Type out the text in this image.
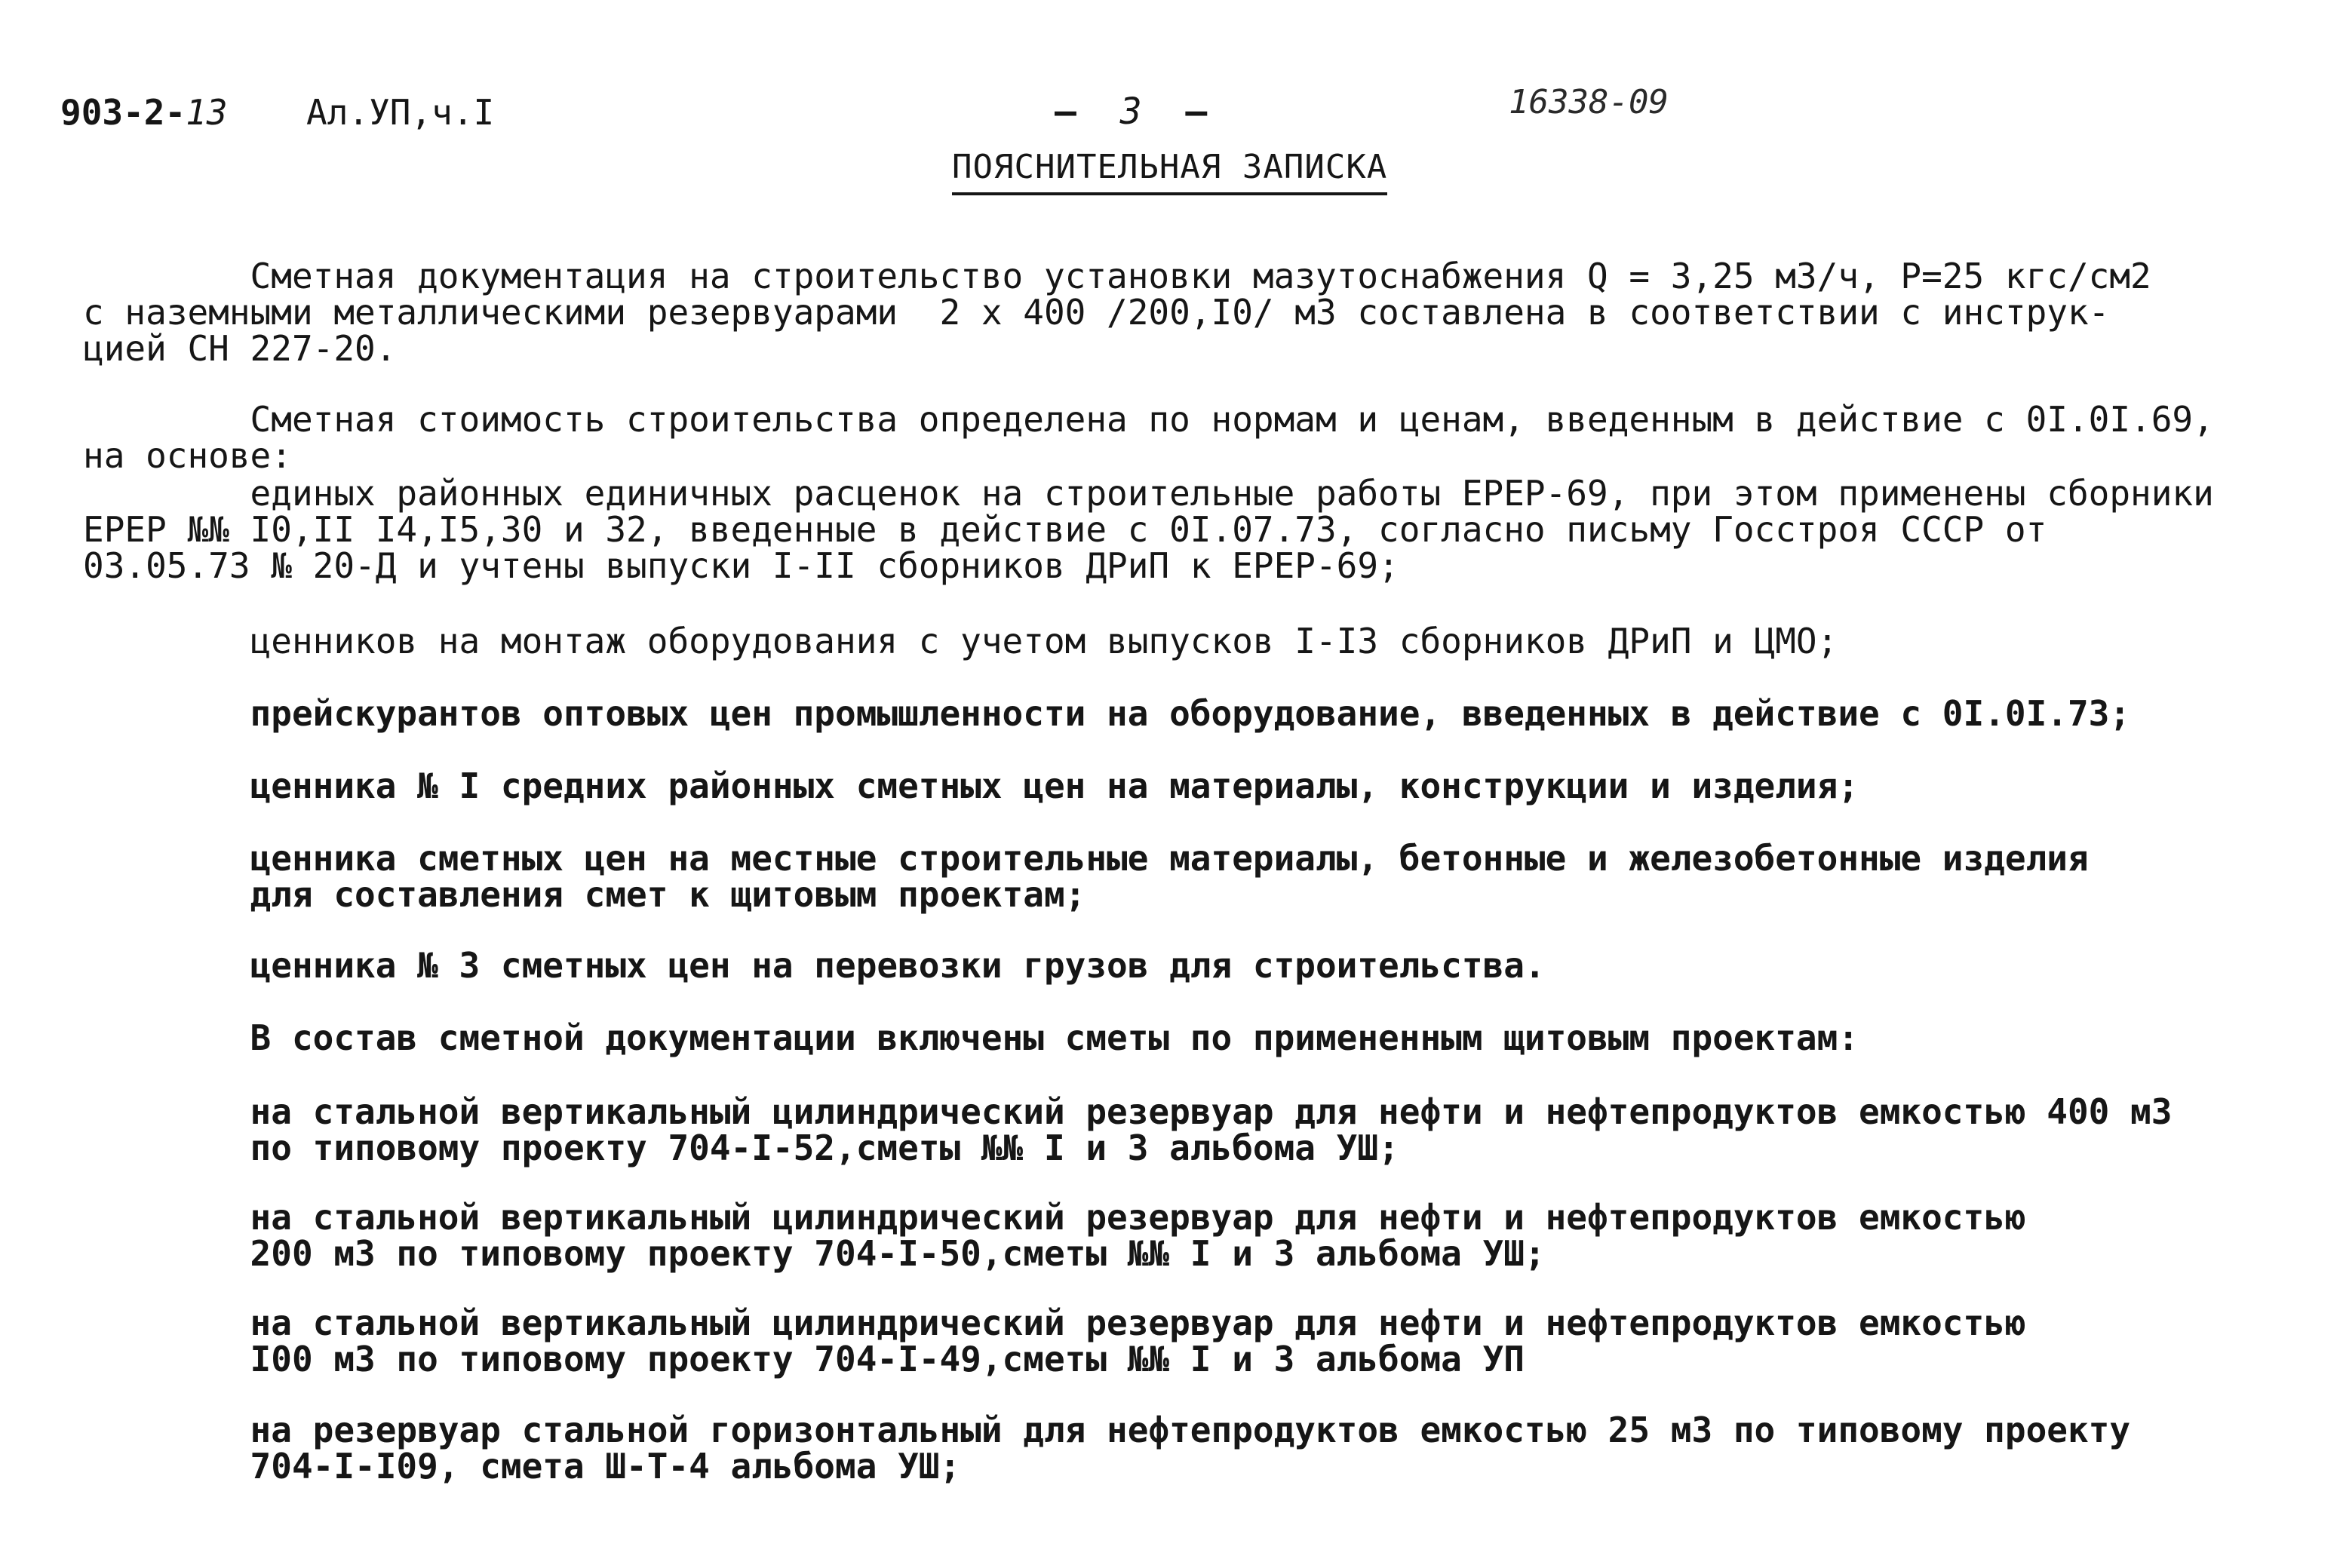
903-2-13 Ал.УП,ч.I	–  3  –	16338-09
ПОЯСНИТЕЛЬНАЯ ЗАПИСКА

Сметная документация на строительство установки мазутоснабжения Q = 3,25 м3/ч, P=25 кгс/см2
с наземными металлическими резервуарами  2 х 400 /200,I0/ м3 составлена в соответствии с инструк-
цией СН 227-20.

Сметная стоимость строительства определена по нормам и ценам, введенным в действие с 0I.0I.69,
на основе:

единых районных единичных расценок на строительные работы ЕРЕР-69, при этом применены сборники
ЕРЕР №№ I0,II I4,I5,30 и 32, введенные в действие с 0I.07.73, согласно письму Госстроя СССР от
03.05.73 № 20-Д и учтены выпуски I-II сборников ДРиП к ЕРЕР-69;

ценников на монтаж оборудования с учетом выпусков I-I3 сборников ДРиП и ЦМО;

прейскурантов оптовых цен промышленности на оборудование, введенных в действие с 0I.0I.73;

ценника № I средних районных сметных цен на материалы, конструкции и изделия;

ценника сметных цен на местные строительные материалы, бетонные и железобетонные изделия
для составления смет к щитовым проектам;

ценника № 3 сметных цен на перевозки грузов для строительства.

В состав сметной документации включены сметы по примененным щитовым проектам:

на стальной вертикальный цилиндрический резервуар для нефти и нефтепродуктов емкостью 400 м3
по типовому проекту 704-I-52,сметы №№ I и 3 альбома УШ;

на стальной вертикальный цилиндрический резервуар для нефти и нефтепродуктов емкостью
200 м3 по типовому проекту 704-I-50,сметы №№ I и 3 альбома УШ;

на стальной вертикальный цилиндрический резервуар для нефти и нефтепродуктов емкостью
I00 м3 по типовому проекту 704-I-49,сметы №№ I и 3 альбома УП

на резервуар стальной горизонтальный для нефтепродуктов емкостью 25 м3 по типовому проекту
704-I-I09, смета Ш-Т-4 альбома УШ;
